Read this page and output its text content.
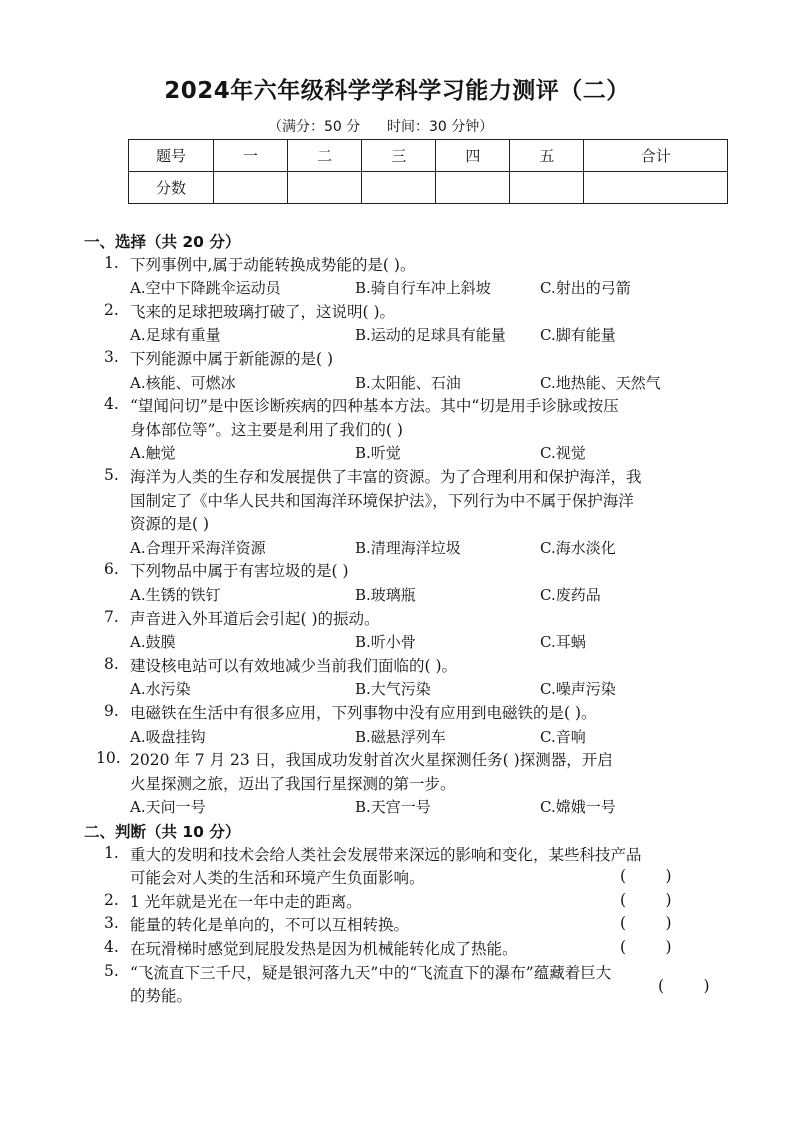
2024年六年级科学学科学习能力测评（二）
（满分：50 分      时间：30 分钟）
题号	一	二	三	四	五	合计
分数						
一、选择（共 20 分）
1. 下列事例中,属于动能转换成势能的是( )。
A.空中下降跳伞运动员	B.骑自行车冲上斜坡	C.射出的弓箭
2. 飞来的足球把玻璃打破了，这说明( )。
A.足球有重量	B.运动的足球具有能量 C.脚有能量
3. 下列能源中属于新能源的是( )
A.核能、可燃冰	B.太阳能、石油	C.地热能、天然气
4. “望闻问切”是中医诊断疾病的四种基本方法。其中“切是用手诊脉或按压
身体部位等”。这主要是利用了我们的( )
A.触觉	B.听觉	C.视觉
5. 海洋为人类的生存和发展提供了丰富的资源。为了合理利用和保护海洋，我
国制定了《中华人民共和国海洋环境保护法》，下列行为中不属于保护海洋
资源的是( )
A.合理开采海洋资源	B.清理海洋垃圾	C.海水淡化
6. 下列物品中属于有害垃圾的是( )
A.生锈的铁钉	B.玻璃瓶	C.废药品
7. 声音进入外耳道后会引起( )的振动。
A.鼓膜	B.听小骨	C.耳蜗
8. 建设核电站可以有效地减少当前我们面临的( )。
A.水污染	B.大气污染	C.噪声污染
9. 电磁铁在生活中有很多应用，下列事物中没有应用到电磁铁的是( )。
A.吸盘挂钩	B.磁悬浮列车	C.音响
10. 2020 年 7 月 23 日，我国成功发射首次火星探测任务( )探测器，开启
火星探测之旅，迈出了我国行星探测的第一步。
A.天问一号	B.天宫一号	C.嫦娥一号
二、判断（共 10 分）
1. 重大的发明和技术会给人类社会发展带来深远的影响和变化，某些科技产品
可能会对人类的生活和环境产生负面影响。	(        )
2. 1 光年就是光在一年中走的距离。	(        )
3. 能量的转化是单向的，不可以互相转换。	(        )
4. 在玩滑梯时感觉到屁股发热是因为机械能转化成了热能。	(        )
5. “飞流直下三千尺，疑是银河落九天”中的“飞流直下的瀑布”蕴藏着巨大
的势能。
(        )
